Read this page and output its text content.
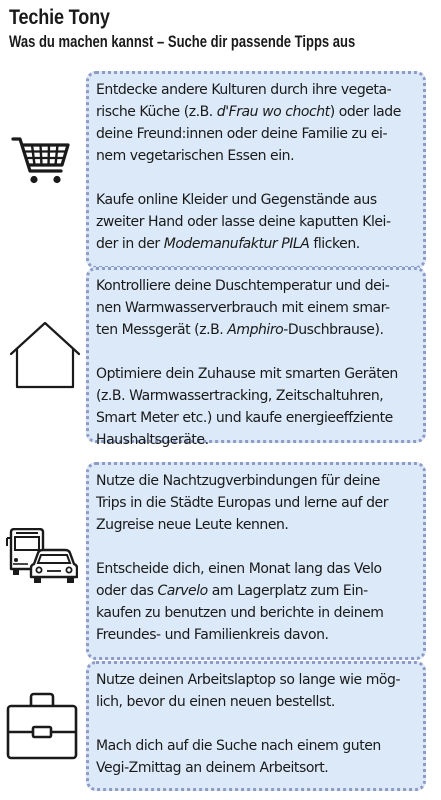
Techie Tony
Was du machen kannst – Suche dir passende Tipps aus

Entdecke andere Kulturen durch ihre vegeta-
rische Küche (z.B. d'Frau wo chocht) oder lade
deine Freund:innen oder deine Familie zu ei-
nem vegetarischen Essen ein.

Kaufe online Kleider und Gegenstände aus
zweiter Hand oder lasse deine kaputten Klei-
der in der Modemanufaktur PILA flicken.

Kontrolliere deine Duschtemperatur und dei-
nen Warmwasserverbrauch mit einem smar-
ten Messgerät (z.B. Amphiro-Duschbrause).

Optimiere dein Zuhause mit smarten Geräten
(z.B. Warmwassertracking, Zeitschaltuhren,
Smart Meter etc.) und kaufe energieeffziente
Haushaltsgeräte.

Nutze die Nachtzugverbindungen für deine
Trips in die Städte Europas und lerne auf der
Zugreise neue Leute kennen.

Entscheide dich, einen Monat lang das Velo
oder das Carvelo am Lagerplatz zum Ein-
kaufen zu benutzen und berichte in deinem
Freundes- und Familienkreis davon.

Nutze deinen Arbeitslaptop so lange wie mög-
lich, bevor du einen neuen bestellst.

Mach dich auf die Suche nach einem guten
Vegi-Zmittag an deinem Arbeitsort.
